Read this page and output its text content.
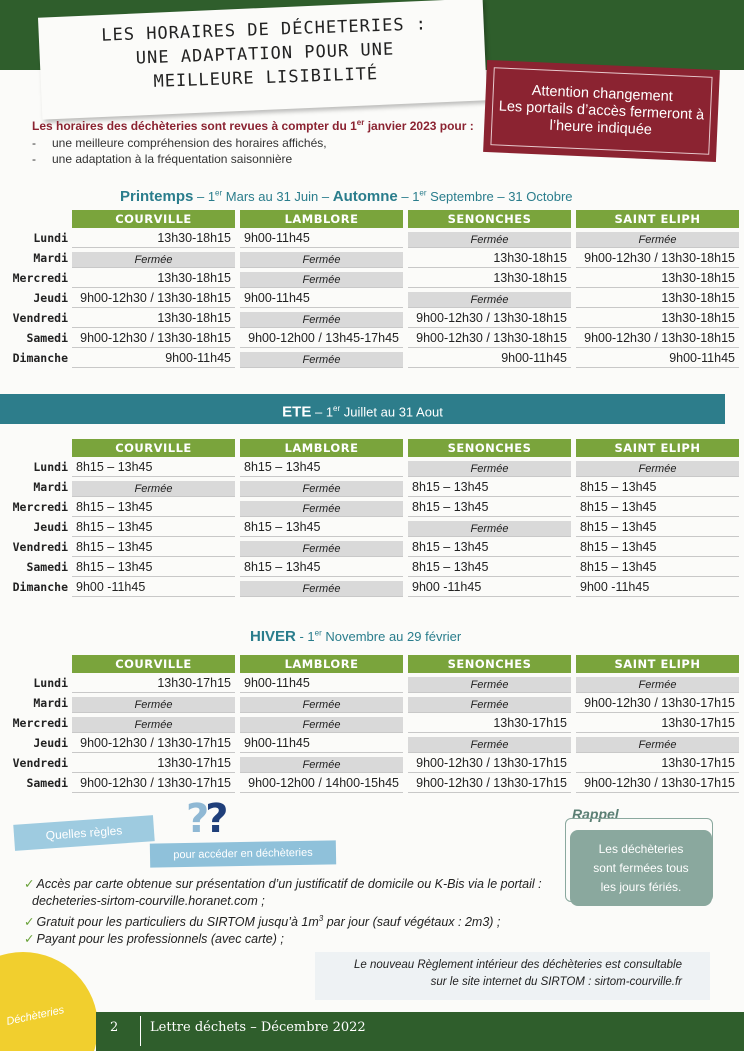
LES HORAIRES DE DÉCHETERIES :
UNE ADAPTATION POUR UNE
MEILLEURE LISIBILITÉ
Attention changement
Les portails d’accès fermeront à
l’heure indiquée
Les horaires des déchèteries sont revues à compter du 1er janvier 2023 pour :
- une meilleure compréhension des horaires affichés,
- une adaptation à la fréquentation saisonnière
Printemps – 1er Mars au 31 Juin – Automne – 1er Septembre – 31 Octobre
ETE – 1er Juillet au 31 Aout
HIVER - 1er Novembre au 29 février
COURVILLE	LAMBLORE	SENONCHES	SAINT ELIPH
Lundi	13h30-18h15	9h00-11h45	Fermée	Fermée
Mardi	Fermée	Fermée	13h30-18h15	9h00-12h30 / 13h30-18h15
Mercredi	13h30-18h15	Fermée	13h30-18h15	13h30-18h15
Jeudi 9h00-12h30 / 13h30-18h15	9h00-11h45	Fermée	13h30-18h15
Vendredi	13h30-18h15	Fermée	9h00-12h30 / 13h30-18h15	13h30-18h15
Samedi 9h00-12h30 / 13h30-18h15	9h00-12h00 / 13h45-17h45	9h00-12h30 / 13h30-18h15	9h00-12h30 / 13h30-18h15
Dimanche	9h00-11h45	Fermée	9h00-11h45	9h00-11h45
COURVILLE	LAMBLORE	SENONCHES	SAINT ELIPH
Lundi 8h15 – 13h45	8h15 – 13h45	Fermée	Fermée
Mardi	Fermée	Fermée	8h15 – 13h45	8h15 – 13h45
Mercredi 8h15 – 13h45	Fermée	8h15 – 13h45	8h15 – 13h45
Jeudi 8h15 – 13h45	8h15 – 13h45	Fermée	8h15 – 13h45
Vendredi 8h15 – 13h45	Fermée	8h15 – 13h45	8h15 – 13h45
Samedi 8h15 – 13h45	8h15 – 13h45	8h15 – 13h45	8h15 – 13h45
Dimanche 9h00 -11h45	Fermée	9h00 -11h45	9h00 -11h45
COURVILLE	LAMBLORE	SENONCHES	SAINT ELIPH
Lundi	13h30-17h15	9h00-11h45	Fermée	Fermée
Mardi	Fermée	Fermée	Fermée	9h00-12h30 / 13h30-17h15
Mercredi	Fermée	Fermée	13h30-17h15	13h30-17h15
Jeudi 9h00-12h30 / 13h30-17h15	9h00-11h45	Fermée	Fermée
Vendredi	13h30-17h15	Fermée	9h00-12h30 / 13h30-17h15	13h30-17h15
Samedi 9h00-12h30 / 13h30-17h15	9h00-12h00 / 14h00-15h45	9h00-12h30 / 13h30-17h15	9h00-12h30 / 13h30-17h15
Quelles règles
pour accéder en déchèteries
??
✓ Accès par carte obtenue sur présentation d’un justificatif de domicile ou K-Bis via le portail :
decheteries-sirtom-courville.horanet.com ;
✓ Gratuit pour les particuliers du SIRTOM jusqu’à $1m^3$ par jour (sauf végétaux : 2m3) ;
✓ Payant pour les professionnels (avec carte) ;
Rappel
Les déchèteries
sont fermées tous
les jours fériés.
Le nouveau Règlement intérieur des déchèteries est consultable
sur le site internet du SIRTOM : sirtom-courville.fr
Déchèteries	2 Lettre déchets – Décembre 2022
